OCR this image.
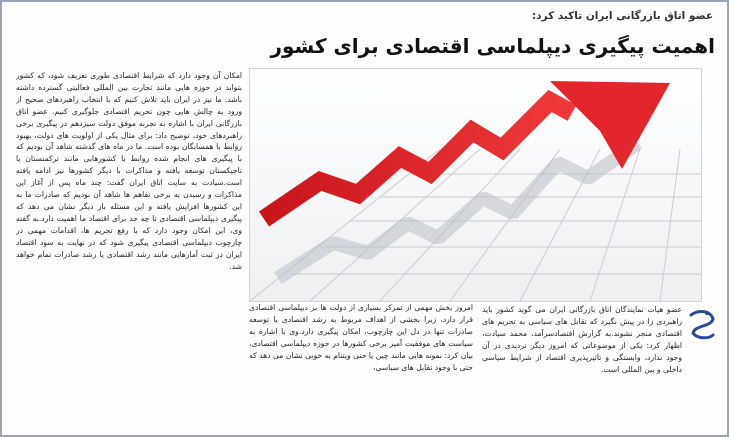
عضو اتاق بازرگانی ایران تاکید کرد:
اهمیت پیگیری دیپلماسی اقتصادی برای کشور

امکان آن وجود دارد که شرایط اقتصادی طوری تعریف شود، که کشور بتواند در حوزه هایی مانند تجارت بین المللی فعالیتی گسترده داشته باشد. ما نیز در ایران باید تلاش کنیم که با انتخاب راهبردهای صحیح از ورود به چالش هایی چون تحریم اقتصادی جلوگیری کنیم. عضو اتاق بازرگانی ایران با اشاره به تجربه موفق دولت سیزدهم در پیگیری برخی راهبردهای خود، توضیح داد: برای مثال یکی از اولویت های دولت، بهبود روابط با همسایگان بوده است. ما در ماه های گذشته شاهد آن بودیم که با پیگیری های انجام شده روابط با کشورهایی مانند ترکمنستان یا تاجیکستان توسعه یافته و مذاکرات با دیگر کشورها نیز ادامه یافته است.سیادت به سایت اتاق ایران گفت: چند ماه پس از آغاز این مذاکرات و رسیدن به برخی تفاهم ها شاهد آن بودیم که صادرات ما به این کشورها افزایش یافته و این مسئله بار دیگر نشان می دهد که پیگیری دیپلماسی اقتصادی تا چه حد برای اقتصاد ما اهمیت دارد.به گفته وی، این امکان وجود دارد که با رفع تحریم ها، اقدامات مهمی در چارچوب دیپلماسی اقتصادی پیگیری شود که در نهایت به سود اقتصاد ایران در ثبت آمارهایی مانند رشد اقتصادی یا رشد صادرات تمام خواهد شد.

امروز بخش مهمی از تمرکز بسیاری از دولت ها بر دیپلماسی اقتصادی قرار دارد، زیرا بخشی از اهداف مربوط به رشد اقتصادی یا توسعه صادرات تنها در دل این چارچوب، امکان پیگیری دارد.وی با اشاره به سیاست های موفقیت آمیز برخی کشورها در حوزه دیپلماسی اقتصادی، بیان کرد: نمونه هایی مانند چین یا حتی ویتنام به خوبی نشان می دهد که حتی با وجود تقابل های سیاسی،

عضو هیات نمایندگان اتاق بازرگانی ایران می گوید کشور باید راهبردی را در پیش بگیرد که تقابل های سیاسی به تحریم های اقتصادی منجر نشوند.به گزارش اقتصادسرآمد، محمد سیادت، اظهار کرد: یکی از موضوعاتی که امروز دیگر تردیدی در آن وجود ندارد، وابستگی و تاثیرپذیری اقتصاد از شرایط سیاسی داخلی و بین المللی است.
